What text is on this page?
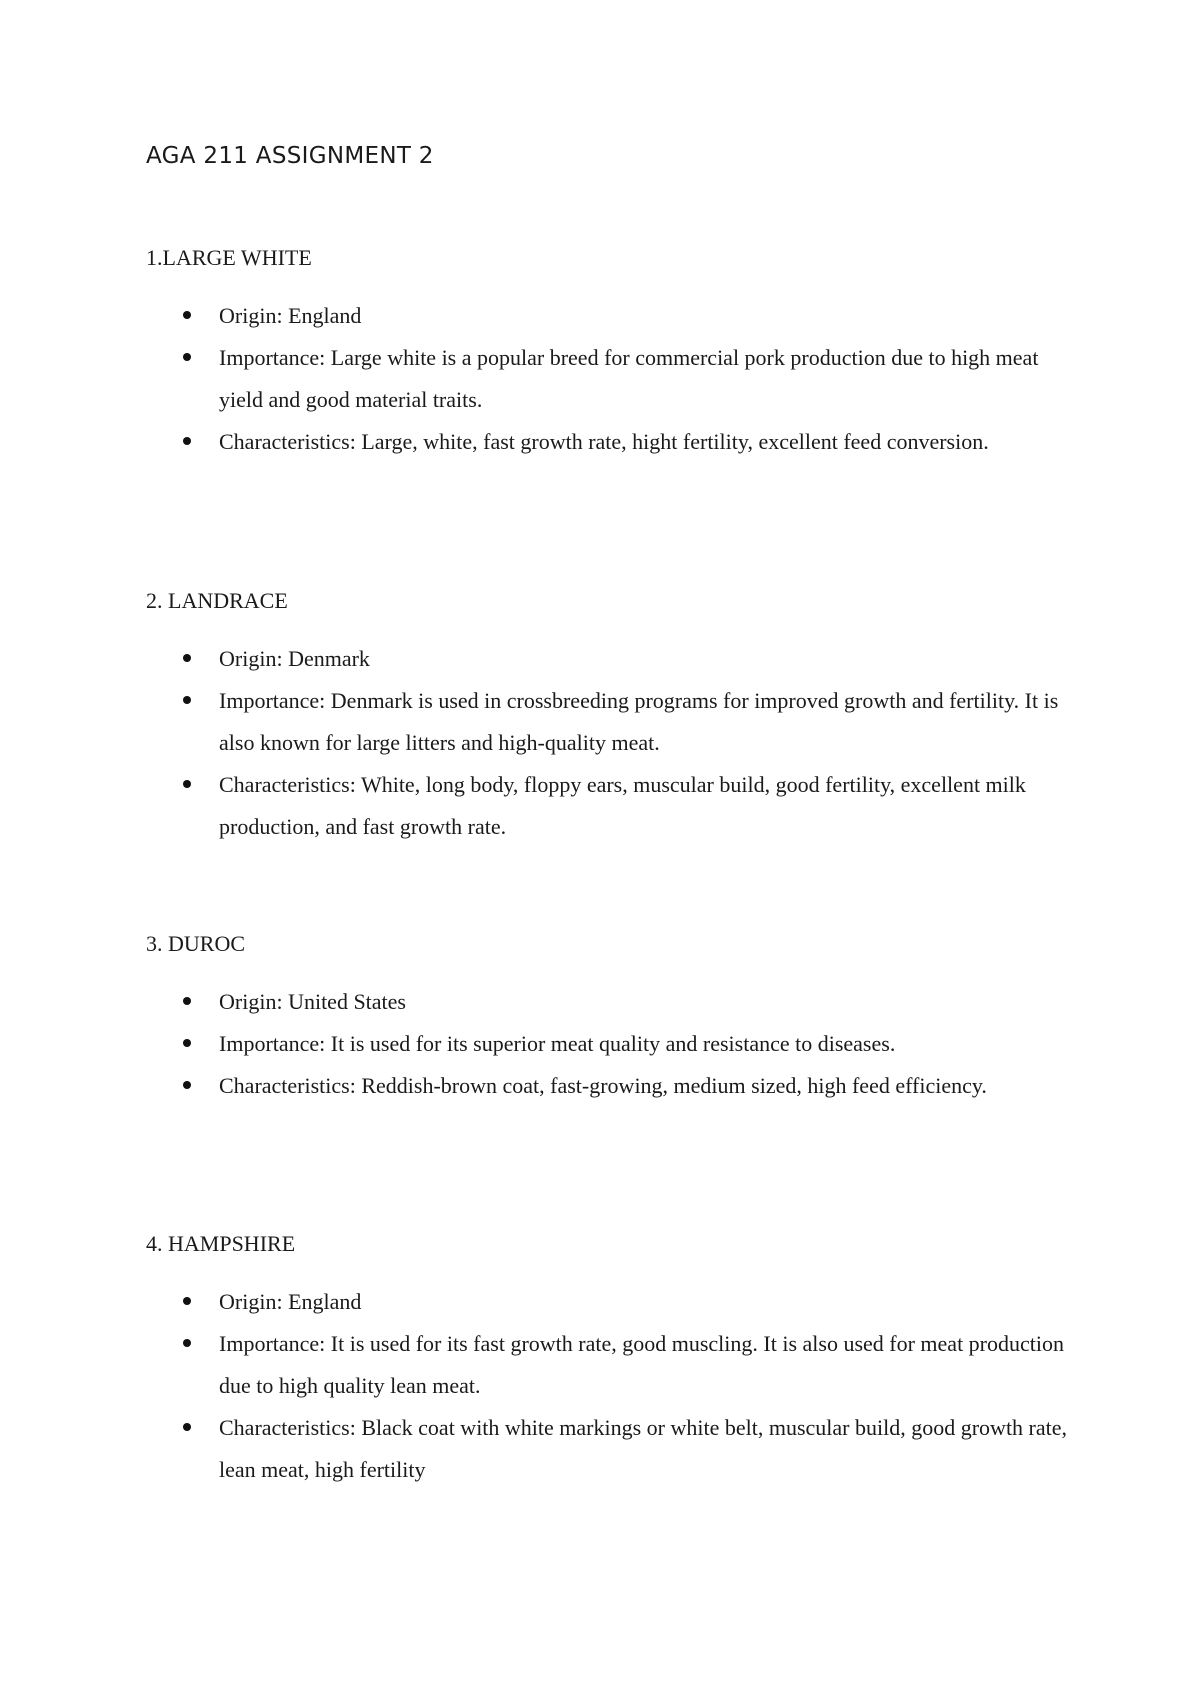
AGA 211 ASSIGNMENT 2
1.LARGE WHITE
Origin: England
Importance: Large white is a popular breed for commercial pork production due to high meat yield and good material traits.
Characteristics: Large, white, fast growth rate, hight fertility, excellent feed conversion.
2. LANDRACE
Origin: Denmark
Importance: Denmark is used in crossbreeding programs for improved growth and fertility. It is also known for large litters and high-quality meat.
Characteristics: White, long body, floppy ears, muscular build, good fertility, excellent milk production, and fast growth rate.
3. DUROC
Origin: United States
Importance: It is used for its superior meat quality and resistance to diseases.
Characteristics: Reddish-brown coat, fast-growing, medium sized, high feed efficiency.
4. HAMPSHIRE
Origin: England
Importance: It is used for its fast growth rate, good muscling. It is also used for meat production due to high quality lean meat.
Characteristics: Black coat with white markings or white belt, muscular build, good growth rate, lean meat, high fertility
